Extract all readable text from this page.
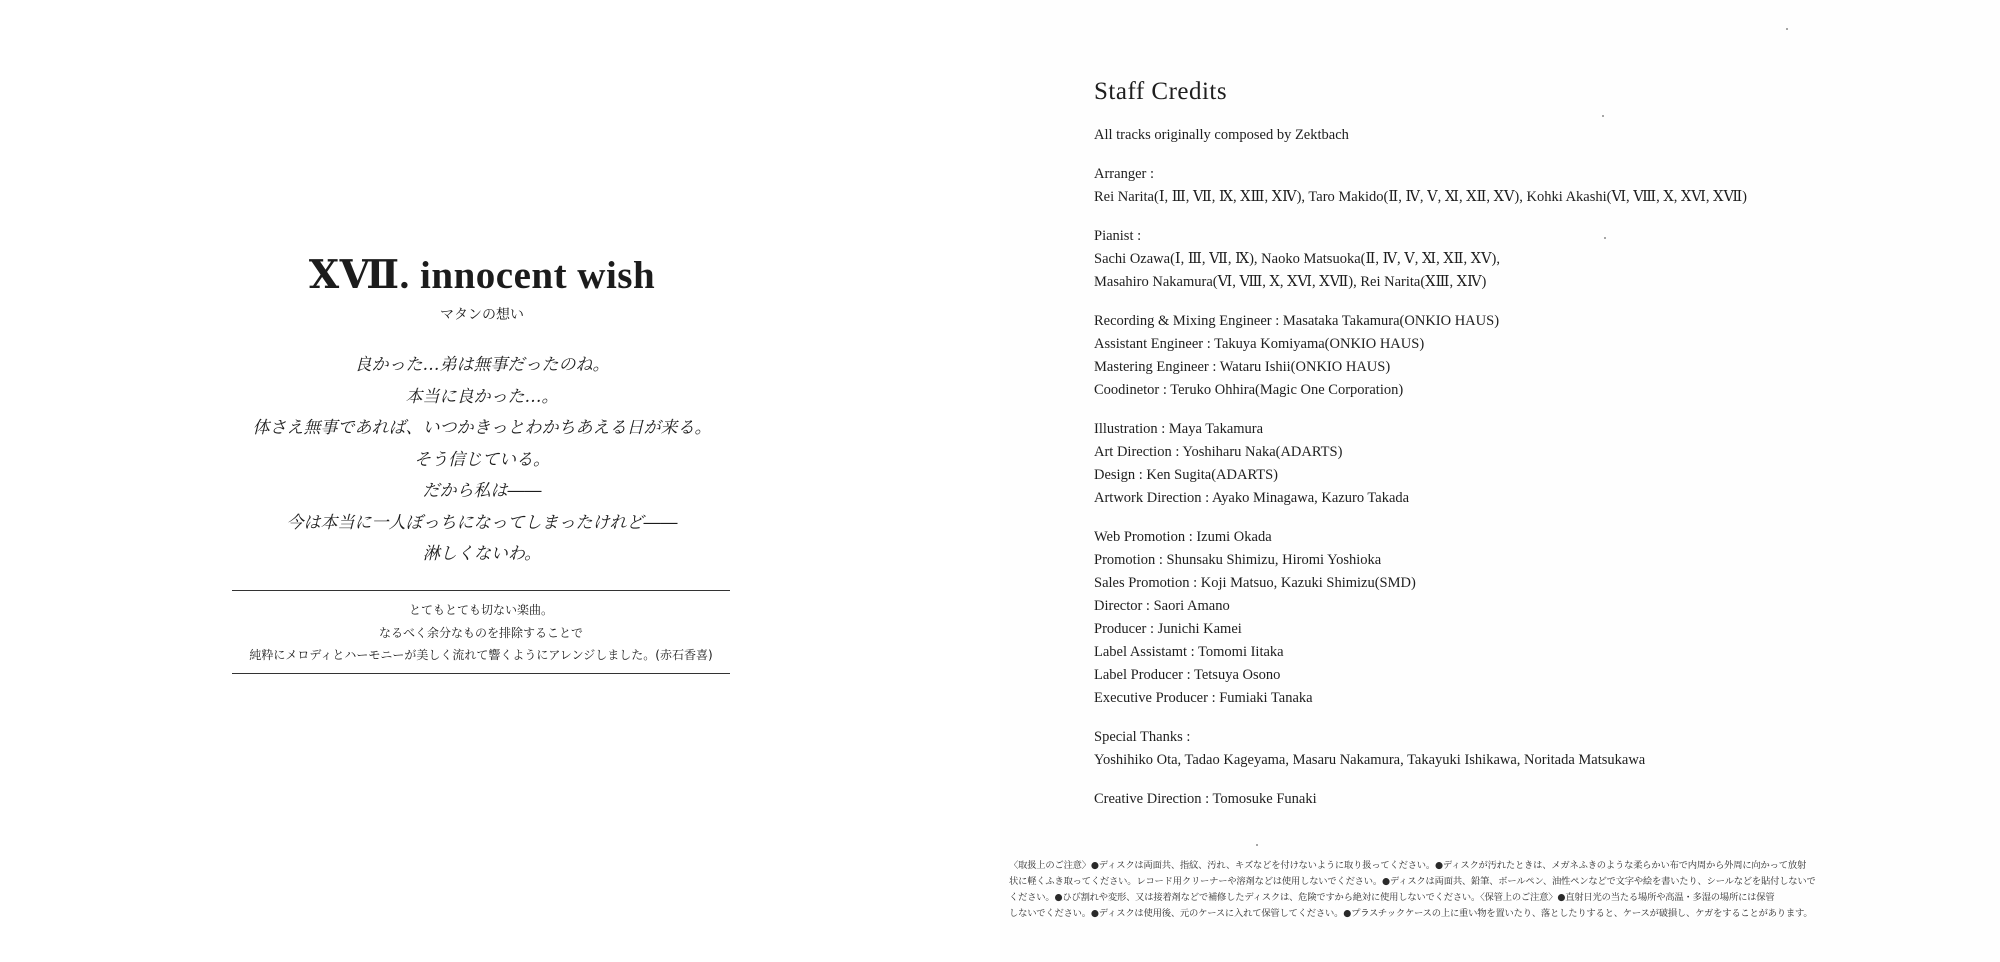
ⅩⅦ. innocent wish
マタンの想い
良かった…弟は無事だったのね。
本当に良かった…。
体さえ無事であれば、いつかきっとわかちあえる日が来る。
そう信じている。
だから私は――
今は本当に一人ぼっちになってしまったけれど――
淋しくないわ。
とてもとても切ない楽曲。
なるべく余分なものを排除することで
純粋にメロディとハーモニーが美しく流れて響くようにアレンジしました。(赤石香喜)
Staff Credits
All tracks originally composed by Zektbach
Arranger :
Rei Narita(Ⅰ, Ⅲ, Ⅶ, Ⅸ, ⅩⅢ, ⅩⅣ), Taro Makido(Ⅱ, Ⅳ, Ⅴ, Ⅺ, ⅩⅡ, ⅩⅤ), Kohki Akashi(Ⅵ, Ⅷ, Ⅹ, ⅩⅥ, ⅩⅦ)
Pianist :
Sachi Ozawa(Ⅰ, Ⅲ, Ⅶ, Ⅸ), Naoko Matsuoka(Ⅱ, Ⅳ, Ⅴ, Ⅺ, ⅩⅡ, ⅩⅤ),
Masahiro Nakamura(Ⅵ, Ⅷ, Ⅹ, ⅩⅥ, ⅩⅦ), Rei Narita(ⅩⅢ, ⅩⅣ)
Recording & Mixing Engineer : Masataka Takamura(ONKIO HAUS)
Assistant Engineer : Takuya Komiyama(ONKIO HAUS)
Mastering Engineer : Wataru Ishii(ONKIO HAUS)
Coodinetor : Teruko Ohhira(Magic One Corporation)
Illustration : Maya Takamura
Art Direction : Yoshiharu Naka(ADARTS)
Design : Ken Sugita(ADARTS)
Artwork Direction : Ayako Minagawa, Kazuro Takada
Web Promotion : Izumi Okada
Promotion : Shunsaku Shimizu, Hiromi Yoshioka
Sales Promotion : Koji Matsuo, Kazuki Shimizu(SMD)
Director : Saori Amano
Producer : Junichi Kamei
Label Assistamt : Tomomi Iitaka
Label Producer : Tetsuya Osono
Executive Producer : Fumiaki Tanaka
Special Thanks :
Yoshihiko Ota, Tadao Kageyama, Masaru Nakamura, Takayuki Ishikawa, Noritada Matsukawa
Creative Direction : Tomosuke Funaki
〈取扱上のご注意〉●ディスクは両面共、指紋、汚れ、キズなどを付けないように取り扱ってください。●ディスクが汚れたときは、メガネふきのような柔らかい布で内周から外周に向かって放射
状に軽くふき取ってください。レコード用クリーナーや溶剤などは使用しないでください。●ディスクは両面共、鉛筆、ボールペン、油性ペンなどで文字や絵を書いたり、シールなどを貼付しないで
ください。●ひび割れや変形、又は接着剤などで補修したディスクは、危険ですから絶対に使用しないでください。〈保管上のご注意〉●直射日光の当たる場所や高温・多湿の場所には保管
しないでください。●ディスクは使用後、元のケースに入れて保管してください。●プラスチックケースの上に重い物を置いたり、落としたりすると、ケースが破損し、ケガをすることがあります。
